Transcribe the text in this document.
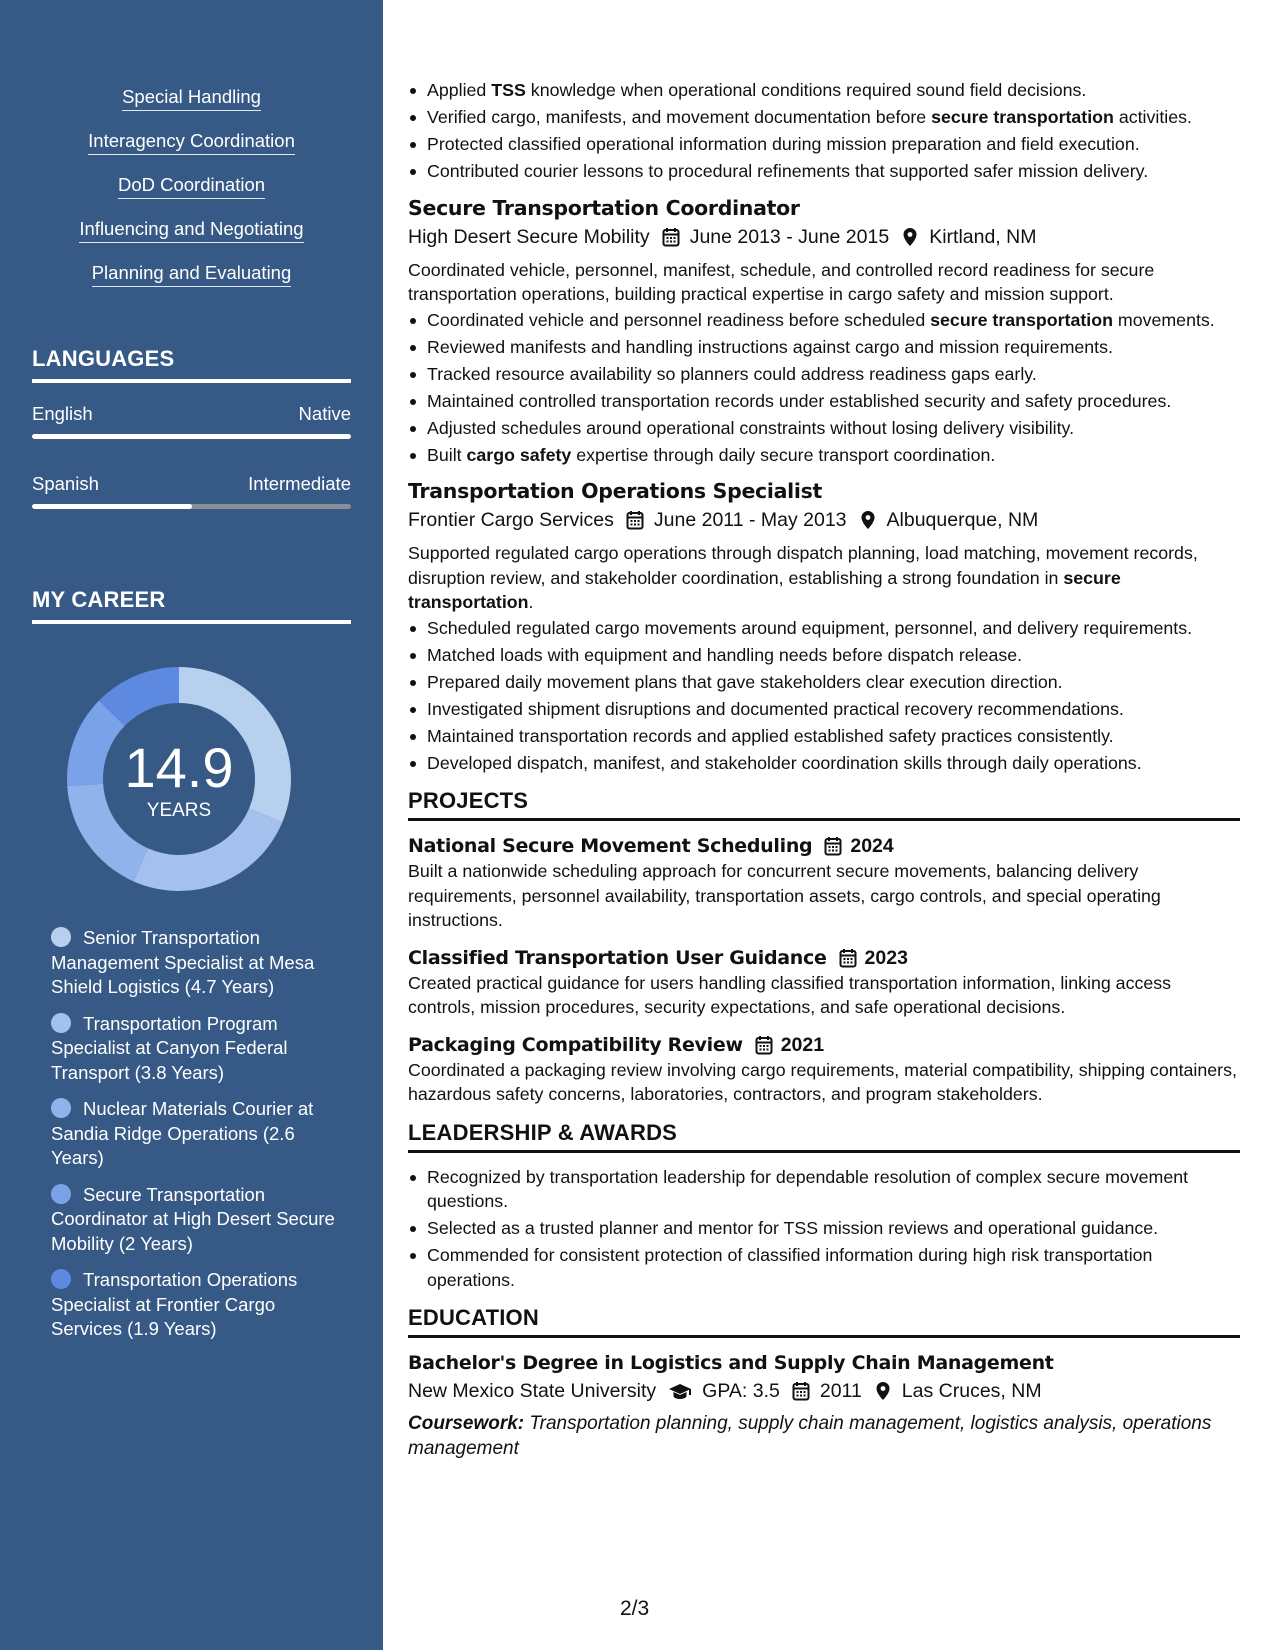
Special Handling
Interagency Coordination
DoD Coordination
Influencing and Negotiating
Planning and Evaluating
LANGUAGES
English	Native
Spanish	Intermediate
MY CAREER
14.9
YEARS
Senior Transportation Management Specialist at Mesa Shield Logistics (4.7 Years)
Transportation Program Specialist at Canyon Federal Transport (3.8 Years)
Nuclear Materials Courier at Sandia Ridge Operations (2.6 Years)
Secure Transportation Coordinator at High Desert Secure Mobility (2 Years)
Transportation Operations Specialist at Frontier Cargo Services (1.9 Years)
Applied TSS knowledge when operational conditions required sound field decisions.
Verified cargo, manifests, and movement documentation before secure transportation activities.
Protected classified operational information during mission preparation and field execution.
Contributed courier lessons to procedural refinements that supported safer mission delivery.
Secure Transportation Coordinator
High Desert Secure Mobility June 2013 - June 2015 Kirtland, NM
Coordinated vehicle, personnel, manifest, schedule, and controlled record readiness for secure transportation operations, building practical expertise in cargo safety and mission support.
Coordinated vehicle and personnel readiness before scheduled secure transportation movements.
Reviewed manifests and handling instructions against cargo and mission requirements.
Tracked resource availability so planners could address readiness gaps early.
Maintained controlled transportation records under established security and safety procedures.
Adjusted schedules around operational constraints without losing delivery visibility.
Built cargo safety expertise through daily secure transport coordination.
Transportation Operations Specialist
Frontier Cargo Services June 2011 - May 2013 Albuquerque, NM
Supported regulated cargo operations through dispatch planning, load matching, movement records, disruption review, and stakeholder coordination, establishing a strong foundation in secure transportation.
Scheduled regulated cargo movements around equipment, personnel, and delivery requirements.
Matched loads with equipment and handling needs before dispatch release.
Prepared daily movement plans that gave stakeholders clear execution direction.
Investigated shipment disruptions and documented practical recovery recommendations.
Maintained transportation records and applied established safety practices consistently.
Developed dispatch, manifest, and stakeholder coordination skills through daily operations.
PROJECTS
National Secure Movement Scheduling 2024
Built a nationwide scheduling approach for concurrent secure movements, balancing delivery requirements, personnel availability, transportation assets, cargo controls, and special operating instructions.
Classified Transportation User Guidance 2023
Created practical guidance for users handling classified transportation information, linking access controls, mission procedures, security expectations, and safe operational decisions.
Packaging Compatibility Review 2021
Coordinated a packaging review involving cargo requirements, material compatibility, shipping containers, hazardous safety concerns, laboratories, contractors, and program stakeholders.
LEADERSHIP & AWARDS
Recognized by transportation leadership for dependable resolution of complex secure movement questions.
Selected as a trusted planner and mentor for TSS mission reviews and operational guidance.
Commended for consistent protection of classified information during high risk transportation operations.
EDUCATION
Bachelor's Degree in Logistics and Supply Chain Management
New Mexico State University GPA: 3.5 2011 Las Cruces, NM
Coursework: Transportation planning, supply chain management, logistics analysis, operations management
2/3
